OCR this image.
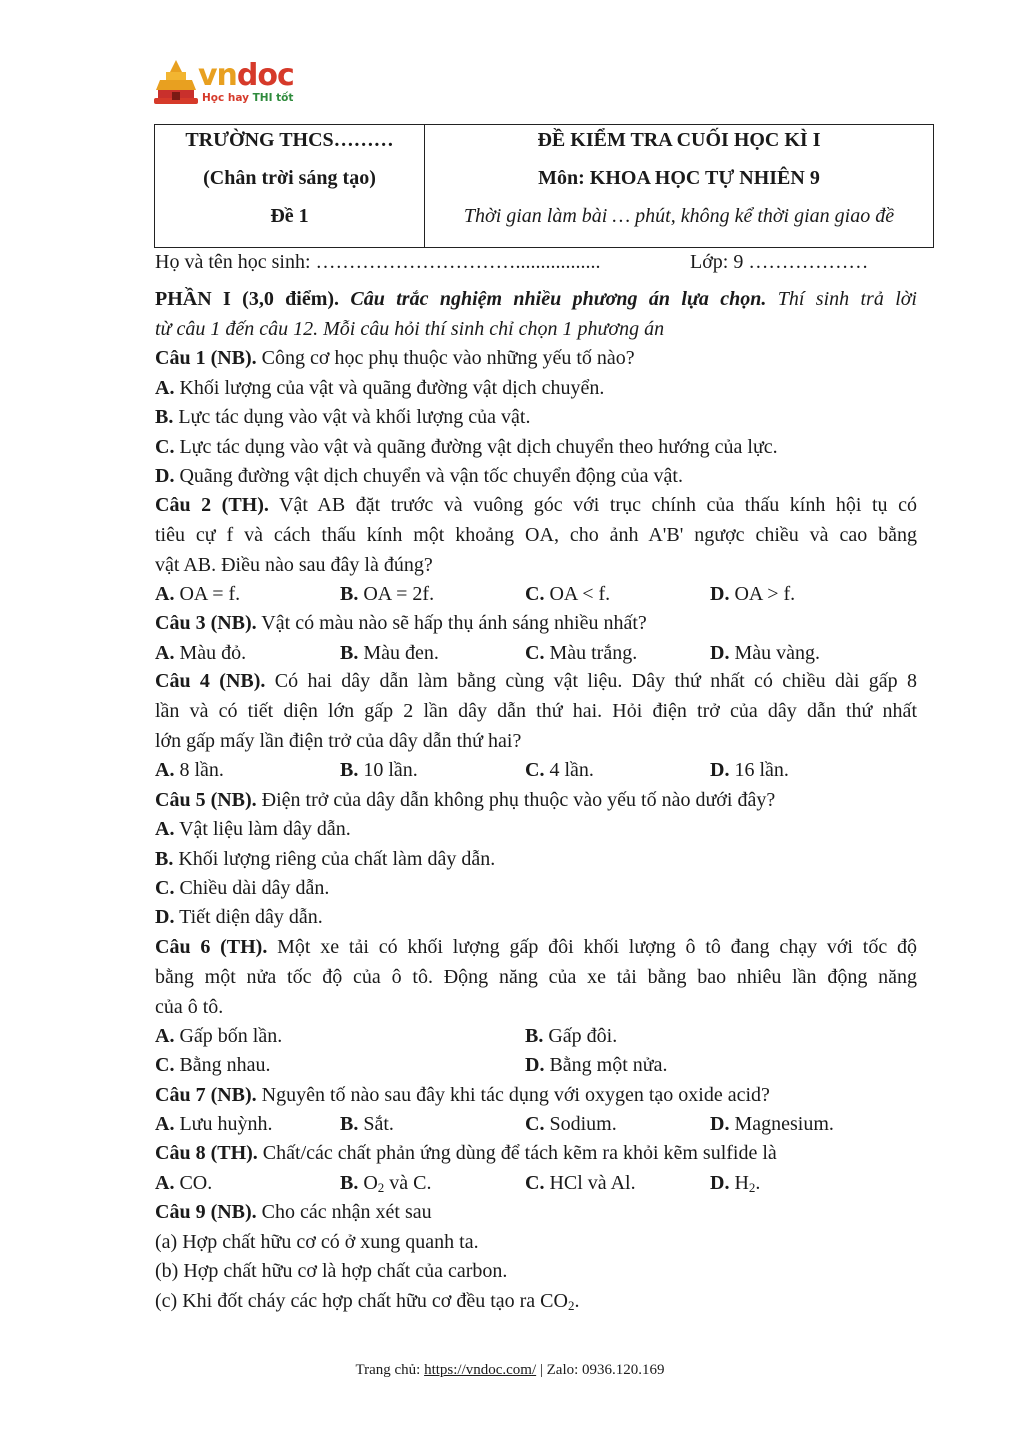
vndoc
Học hay THI tốt
TRƯỜNG THCS………
(Chân trời sáng tạo)
Đề 1
ĐỀ KIỂM TRA CUỐI HỌC KÌ I
Môn: KHOA HỌC TỰ NHIÊN 9
Thời gian làm bài … phút, không kể thời gian giao đề
Họ và tên học sinh: ………………………….................	Lớp: 9 ………………
PHẦN I (3,0 điểm). Câu trắc nghiệm nhiều phương án lựa chọn. Thí sinh trả lời
từ câu 1 đến câu 12. Mỗi câu hỏi thí sinh chỉ chọn 1 phương án
Câu 1 (NB). Công cơ học phụ thuộc vào những yếu tố nào?
A. Khối lượng của vật và quãng đường vật dịch chuyển.
B. Lực tác dụng vào vật và khối lượng của vật.
C. Lực tác dụng vào vật và quãng đường vật dịch chuyển theo hướng của lực.
D. Quãng đường vật dịch chuyển và vận tốc chuyển động của vật.
Câu 2 (TH). Vật AB đặt trước và vuông góc với trục chính của thấu kính hội tụ có
tiêu cự f và cách thấu kính một khoảng OA, cho ảnh A'B' ngược chiều và cao bằng
vật AB. Điều nào sau đây là đúng?
A. OA = f.	B. OA = 2f.	C. OA < f.	D. OA > f.
Câu 3 (NB). Vật có màu nào sẽ hấp thụ ánh sáng nhiều nhất?
A. Màu đỏ.	B. Màu đen.	C. Màu trắng.	D. Màu vàng.
Câu 4 (NB). Có hai dây dẫn làm bằng cùng vật liệu. Dây thứ nhất có chiều dài gấp 8
lần và có tiết diện lớn gấp 2 lần dây dẫn thứ hai. Hỏi điện trở của dây dẫn thứ nhất
lớn gấp mấy lần điện trở của dây dẫn thứ hai?
A. 8 lần.	B. 10 lần.	C. 4 lần.	D. 16 lần.
Câu 5 (NB). Điện trở của dây dẫn không phụ thuộc vào yếu tố nào dưới đây?
A. Vật liệu làm dây dẫn.
B. Khối lượng riêng của chất làm dây dẫn.
C. Chiều dài dây dẫn.
D. Tiết diện dây dẫn.
Câu 6 (TH). Một xe tải có khối lượng gấp đôi khối lượng ô tô đang chạy với tốc độ
bằng một nửa tốc độ của ô tô. Động năng của xe tải bằng bao nhiêu lần động năng
của ô tô.
A. Gấp bốn lần.	B. Gấp đôi.
C. Bằng nhau.	D. Bằng một nửa.
Câu 7 (NB). Nguyên tố nào sau đây khi tác dụng với oxygen tạo oxide acid?
A. Lưu huỳnh.	B. Sắt.	C. Sodium.	D. Magnesium.
Câu 8 (TH). Chất/các chất phản ứng dùng để tách kẽm ra khỏi kẽm sulfide là
A. CO.	B. $O_2$ và C.	C. HCl và Al.	D. $H_2$.
Câu 9 (NB). Cho các nhận xét sau
(a) Hợp chất hữu cơ có ở xung quanh ta.
(b) Hợp chất hữu cơ là hợp chất của carbon.
(c) Khi đốt cháy các hợp chất hữu cơ đều tạo ra $CO_2$.
Trang chủ: https://vndoc.com/ | Zalo: 0936.120.169
